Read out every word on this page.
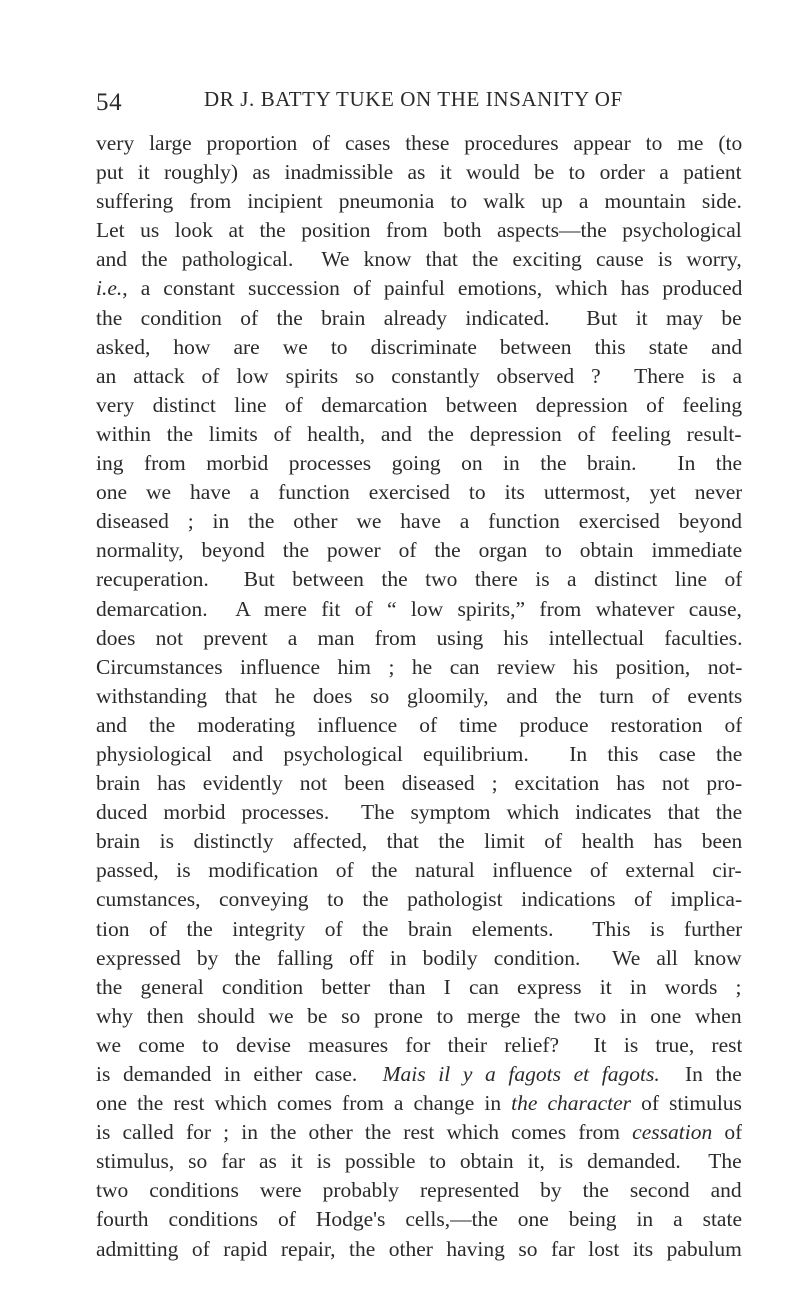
54	DR J. BATTY TUKE ON THE INSANITY OF
very large proportion of cases these procedures appear to me (to
put it roughly) as inadmissible as it would be to order a patient
suffering from incipient pneumonia to walk up a mountain side.
Let us look at the position from both aspects—the psychological
and the pathological.  We know that the exciting cause is worry,
i.e., a constant succession of painful emotions, which has produced
the condition of the brain already indicated.  But it may be
asked, how are we to discriminate between this state and
an attack of low spirits so constantly observed ?  There is a
very distinct line of demarcation between depression of feeling
within the limits of health, and the depression of feeling result-
ing from morbid processes going on in the brain.  In the
one we have a function exercised to its uttermost, yet never
diseased ; in the other we have a function exercised beyond
normality, beyond the power of the organ to obtain immediate
recuperation.  But between the two there is a distinct line of
demarcation.  A mere fit of “ low spirits,” from whatever cause,
does not prevent a man from using his intellectual faculties.
Circumstances influence him ; he can review his position, not-
withstanding that he does so gloomily, and the turn of events
and the moderating influence of time produce restoration of
physiological and psychological equilibrium.  In this case the
brain has evidently not been diseased ; excitation has not pro-
duced morbid processes.  The symptom which indicates that the
brain is distinctly affected, that the limit of health has been
passed, is modification of the natural influence of external cir-
cumstances, conveying to the pathologist indications of implica-
tion of the integrity of the brain elements.  This is further
expressed by the falling off in bodily condition.  We all know
the general condition better than I can express it in words ;
why then should we be so prone to merge the two in one when
we come to devise measures for their relief?  It is true, rest
is demanded in either case.  Mais il y a fagots et fagots.  In the
one the rest which comes from a change in the character of stimulus
is called for ; in the other the rest which comes from cessation of
stimulus, so far as it is possible to obtain it, is demanded.  The
two conditions were probably represented by the second and
fourth conditions of Hodge's cells,—the one being in a state
admitting of rapid repair, the other having so far lost its pabulum
